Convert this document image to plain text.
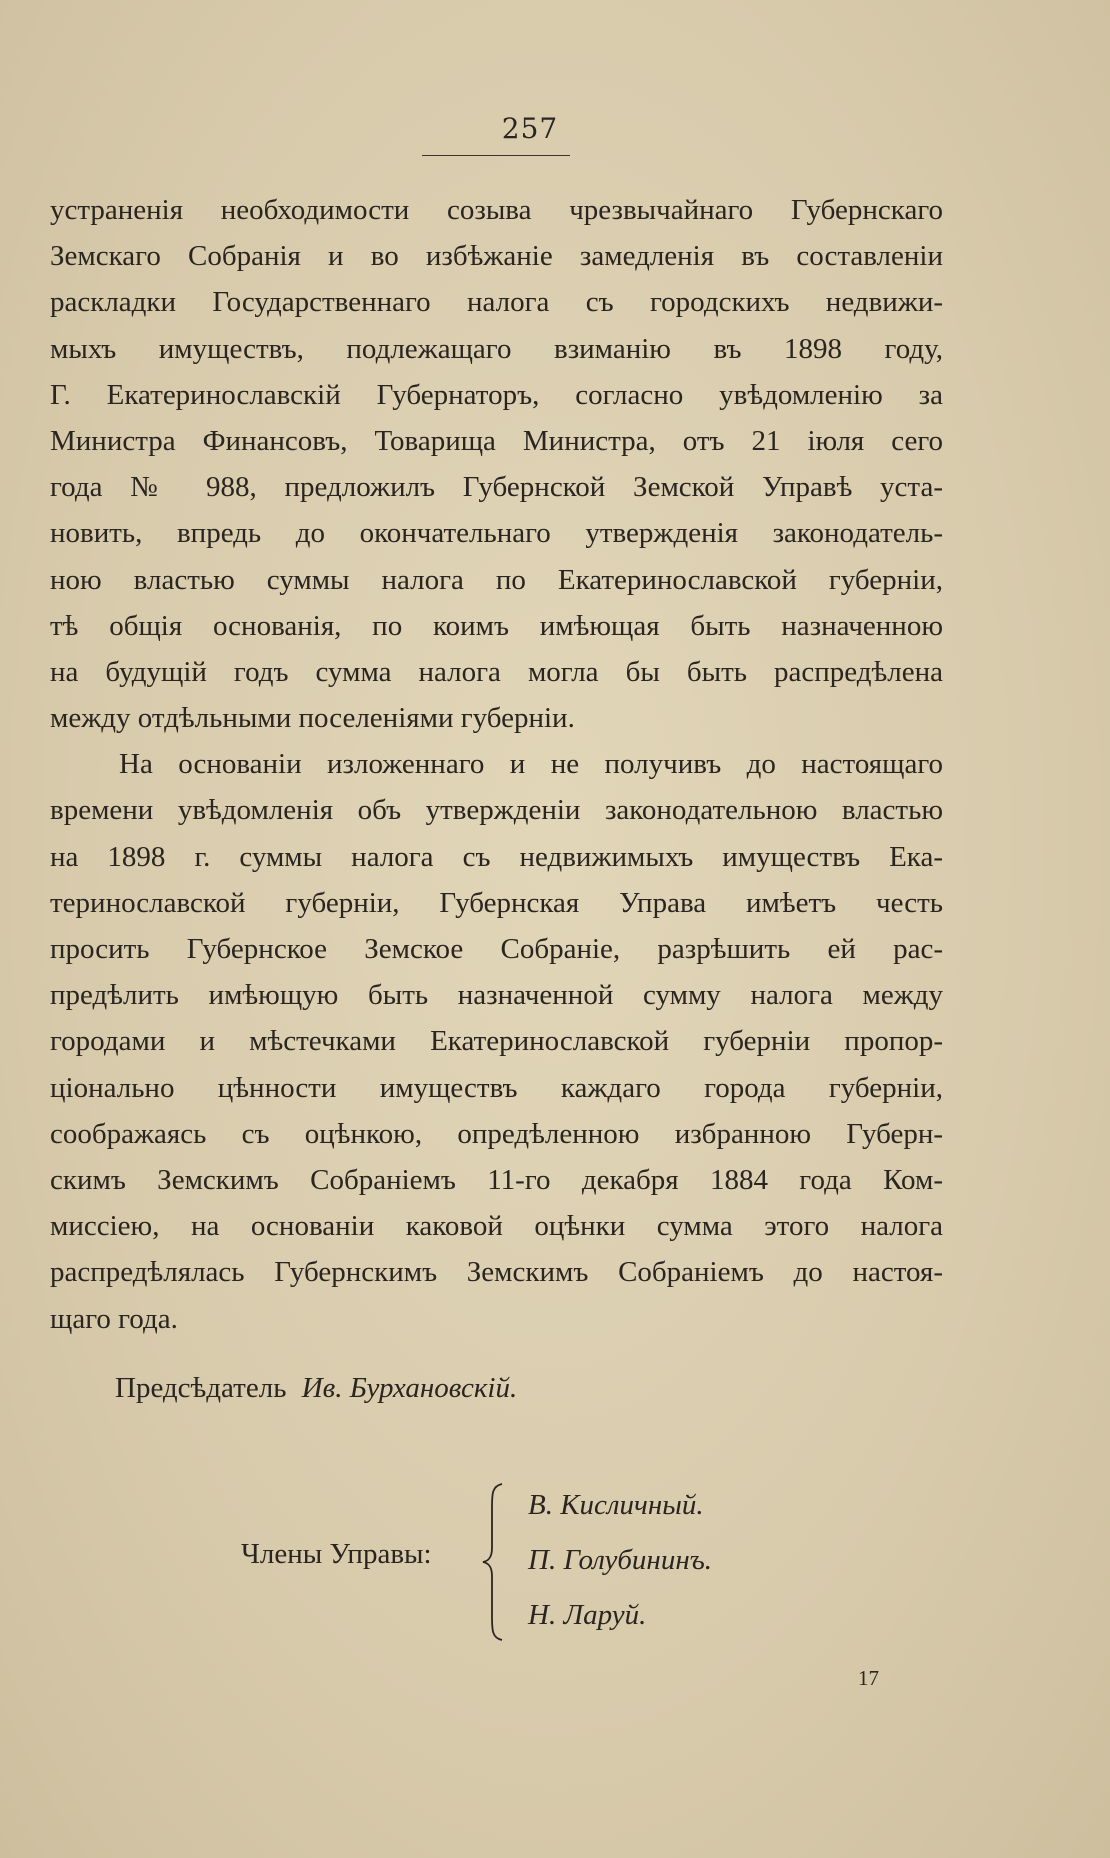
257
устраненія необходимости созыва чрезвычайнаго Губернскаго
Земскаго Собранія и во избѣжаніе замедленія въ составленіи
раскладки Государственнаго налога съ городскихъ недвижи-
мыхъ имуществъ, подлежащаго взиманію въ 1898 году,
Г. Екатеринославскій Губернаторъ, согласно увѣдомленію за
Министра Финансовъ, Товарища Министра, отъ 21 іюля сего
года № 988, предложилъ Губернской Земской Управѣ уста-
новить, впредь до окончательнаго утвержденія законодатель-
ною властью суммы налога по Екатеринославской губерніи,
тѣ общія основанія, по коимъ имѣющая быть назначенною
на будущій годъ сумма налога могла бы быть распредѣлена
между отдѣльными поселеніями губерніи.
На основаніи изложеннаго и не получивъ до настоящаго
времени увѣдомленія объ утвержденіи законодательною властью
на 1898 г. суммы налога съ недвижимыхъ имуществъ Ека-
теринославской губерніи, Губернская Управа имѣетъ честь
просить Губернское Земское Собраніе, разрѣшить ей рас-
предѣлить имѣющую быть назначенной сумму налога между
городами и мѣстечками Екатеринославской губерніи пропор-
ціонально цѣнности имуществъ каждаго города губерніи,
соображаясь съ оцѣнкою, опредѣленною избранною Губерн-
скимъ Земскимъ Собраніемъ 11-го декабря 1884 года Ком-
миссіею, на основаніи каковой оцѣнки сумма этого налога
распредѣлялась Губернскимъ Земскимъ Собраніемъ до настоя-
щаго года.
Предсѣдатель Ив. Бурхановскій.
Члены Управы:
В. Кисличный.
П. Голубининъ.
Н. Ларуй.
17
